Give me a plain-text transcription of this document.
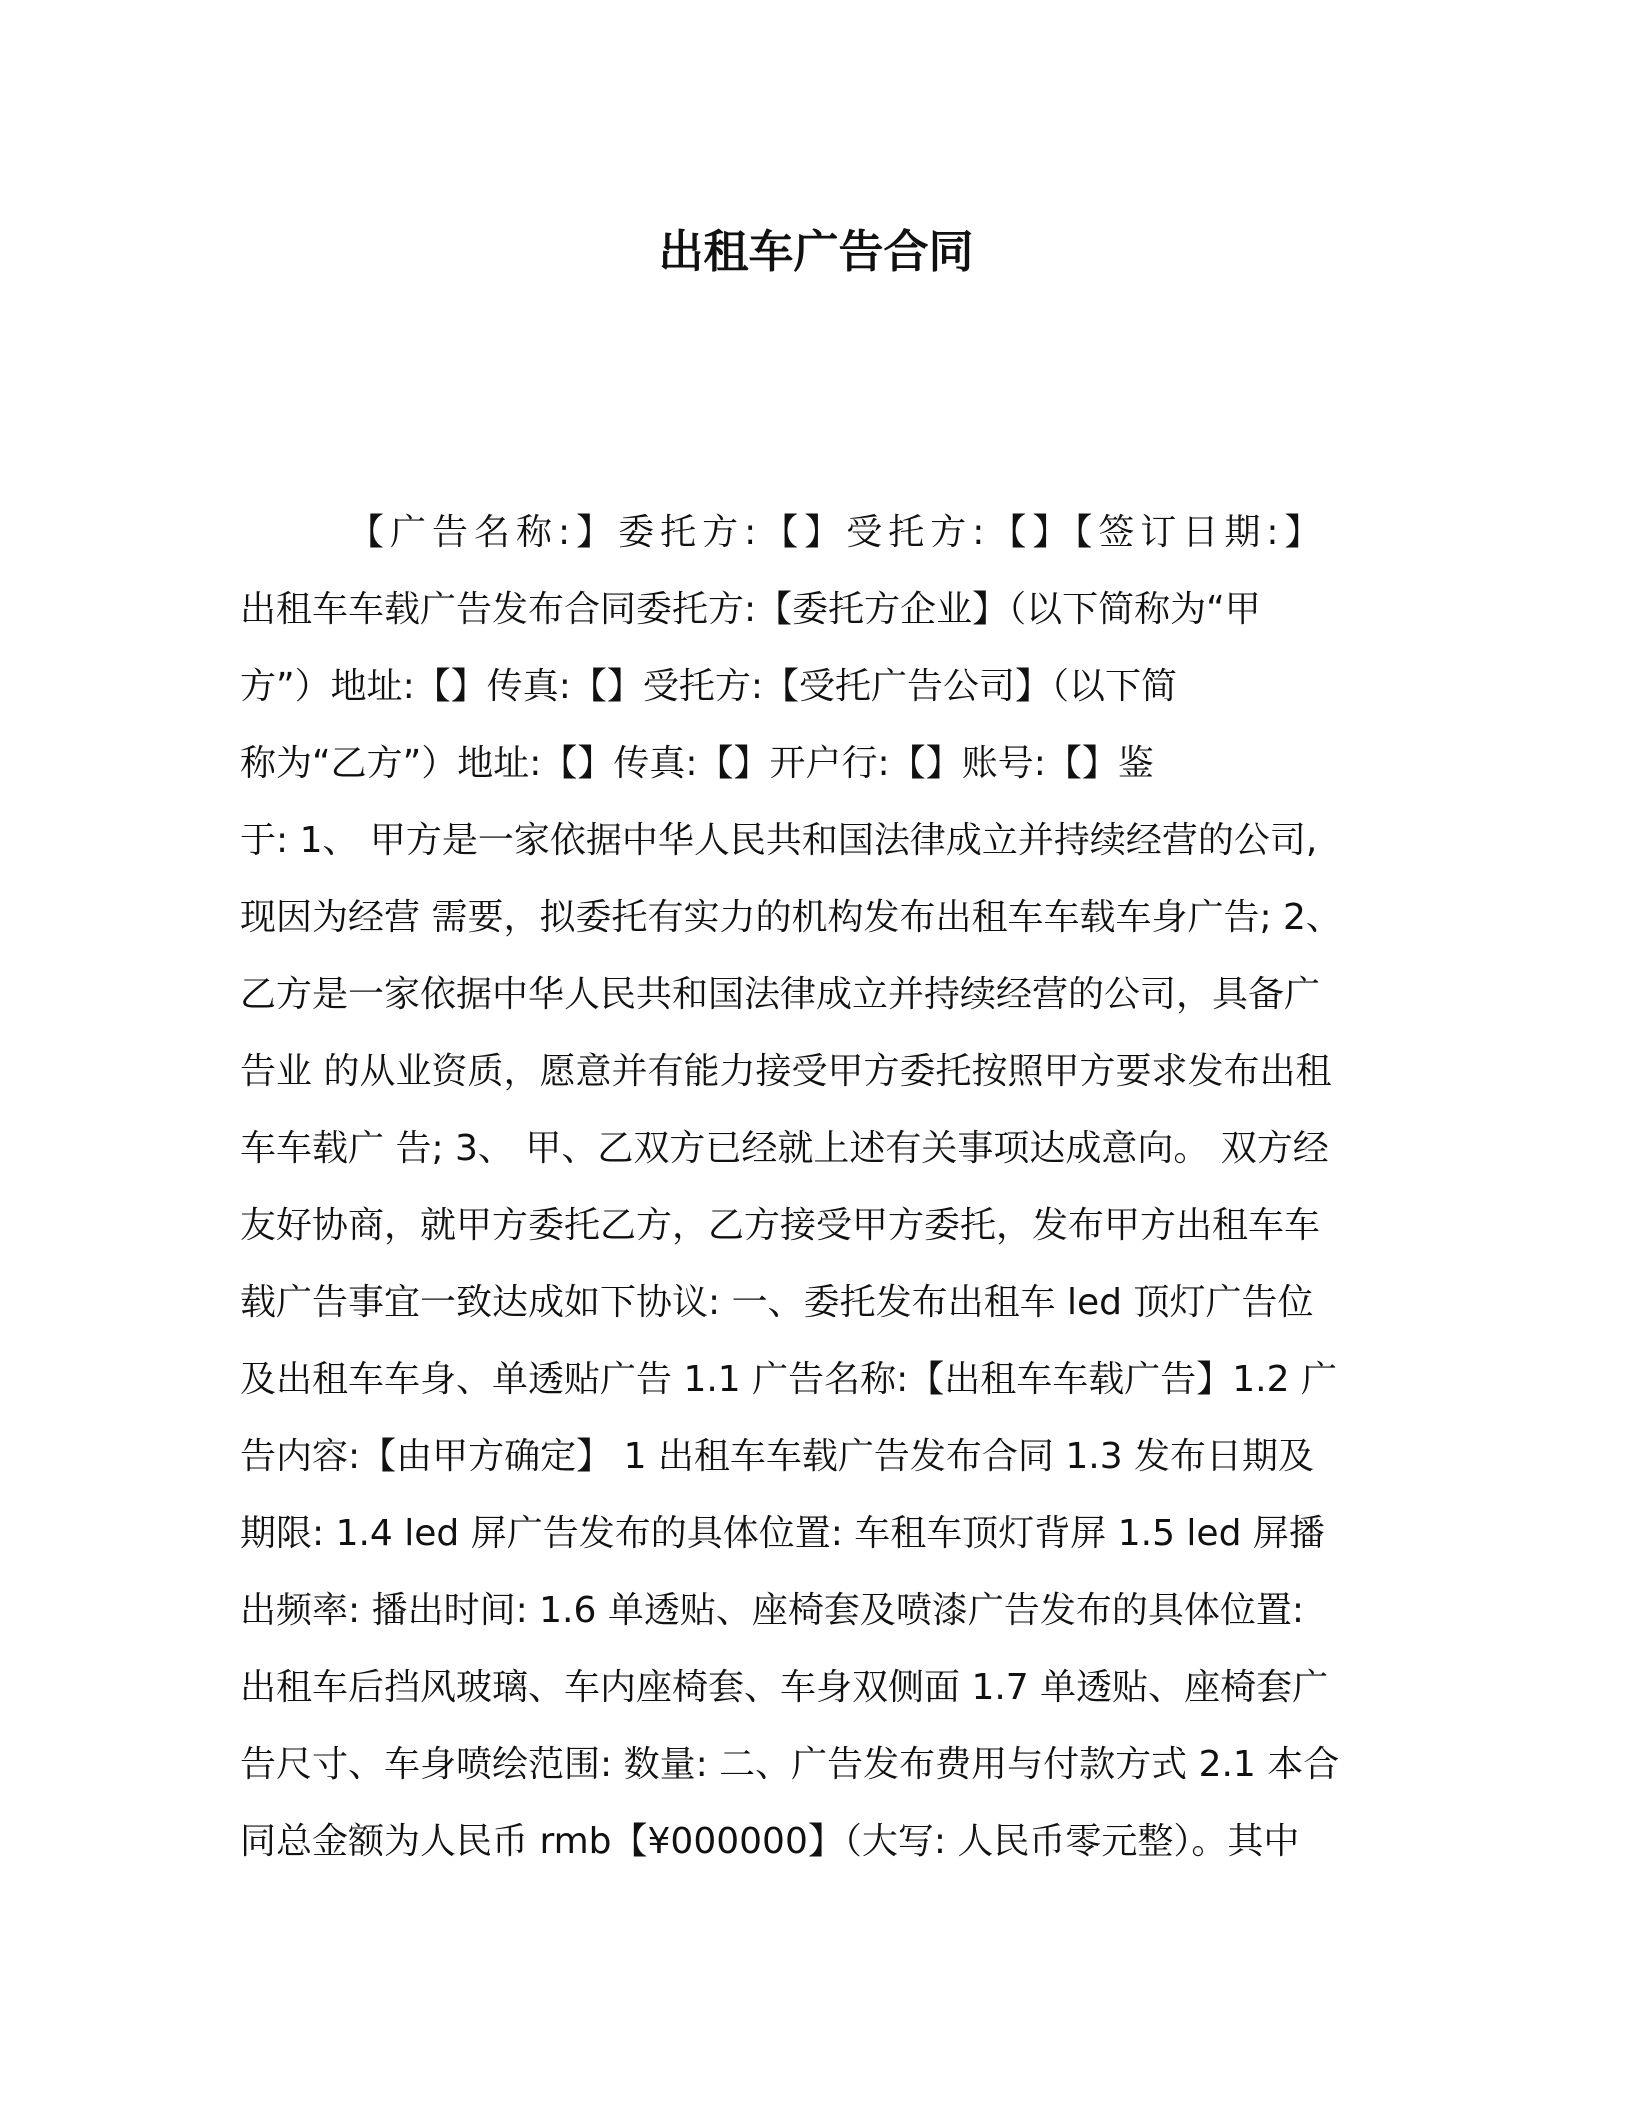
出租车广告合同
【广告名称:】委托方:【】受托方:【】【签订日期:】
出租车车载广告发布合同委托方:【委托方企业】（以下简称为“甲
方”）地址:【】传真:【】受托方:【受托广告公司】（以下简
称为“乙方”）地址:【】传真:【】开户行:【】账号:【】鉴
于: 1、 甲方是一家依据中华人民共和国法律成立并持续经营的公司,
现因为经营 需要，拟委托有实力的机构发布出租车车载车身广告; 2、
乙方是一家依据中华人民共和国法律成立并持续经营的公司，具备广
告业 的从业资质，愿意并有能力接受甲方委托按照甲方要求发布出租
车车载广 告; 3、 甲、乙双方已经就上述有关事项达成意向。 双方经
友好协商，就甲方委托乙方，乙方接受甲方委托，发布甲方出租车车
载广告事宜一致达成如下协议: 一、委托发布出租车 led 顶灯广告位
及出租车车身、单透贴广告 1.1 广告名称:【出租车车载广告】1.2 广
告内容:【由甲方确定】 1 出租车车载广告发布合同 1.3 发布日期及
期限: 1.4 led 屏广告发布的具体位置: 车租车顶灯背屏 1.5 led 屏播
出频率: 播出时间: 1.6 单透贴、座椅套及喷漆广告发布的具体位置:
出租车后挡风玻璃、车内座椅套、车身双侧面 1.7 单透贴、座椅套广
告尺寸、车身喷绘范围: 数量: 二、广告发布费用与付款方式 2.1 本合
同总金额为人民币 rmb【¥000000】（大写: 人民币零元整）。其中
